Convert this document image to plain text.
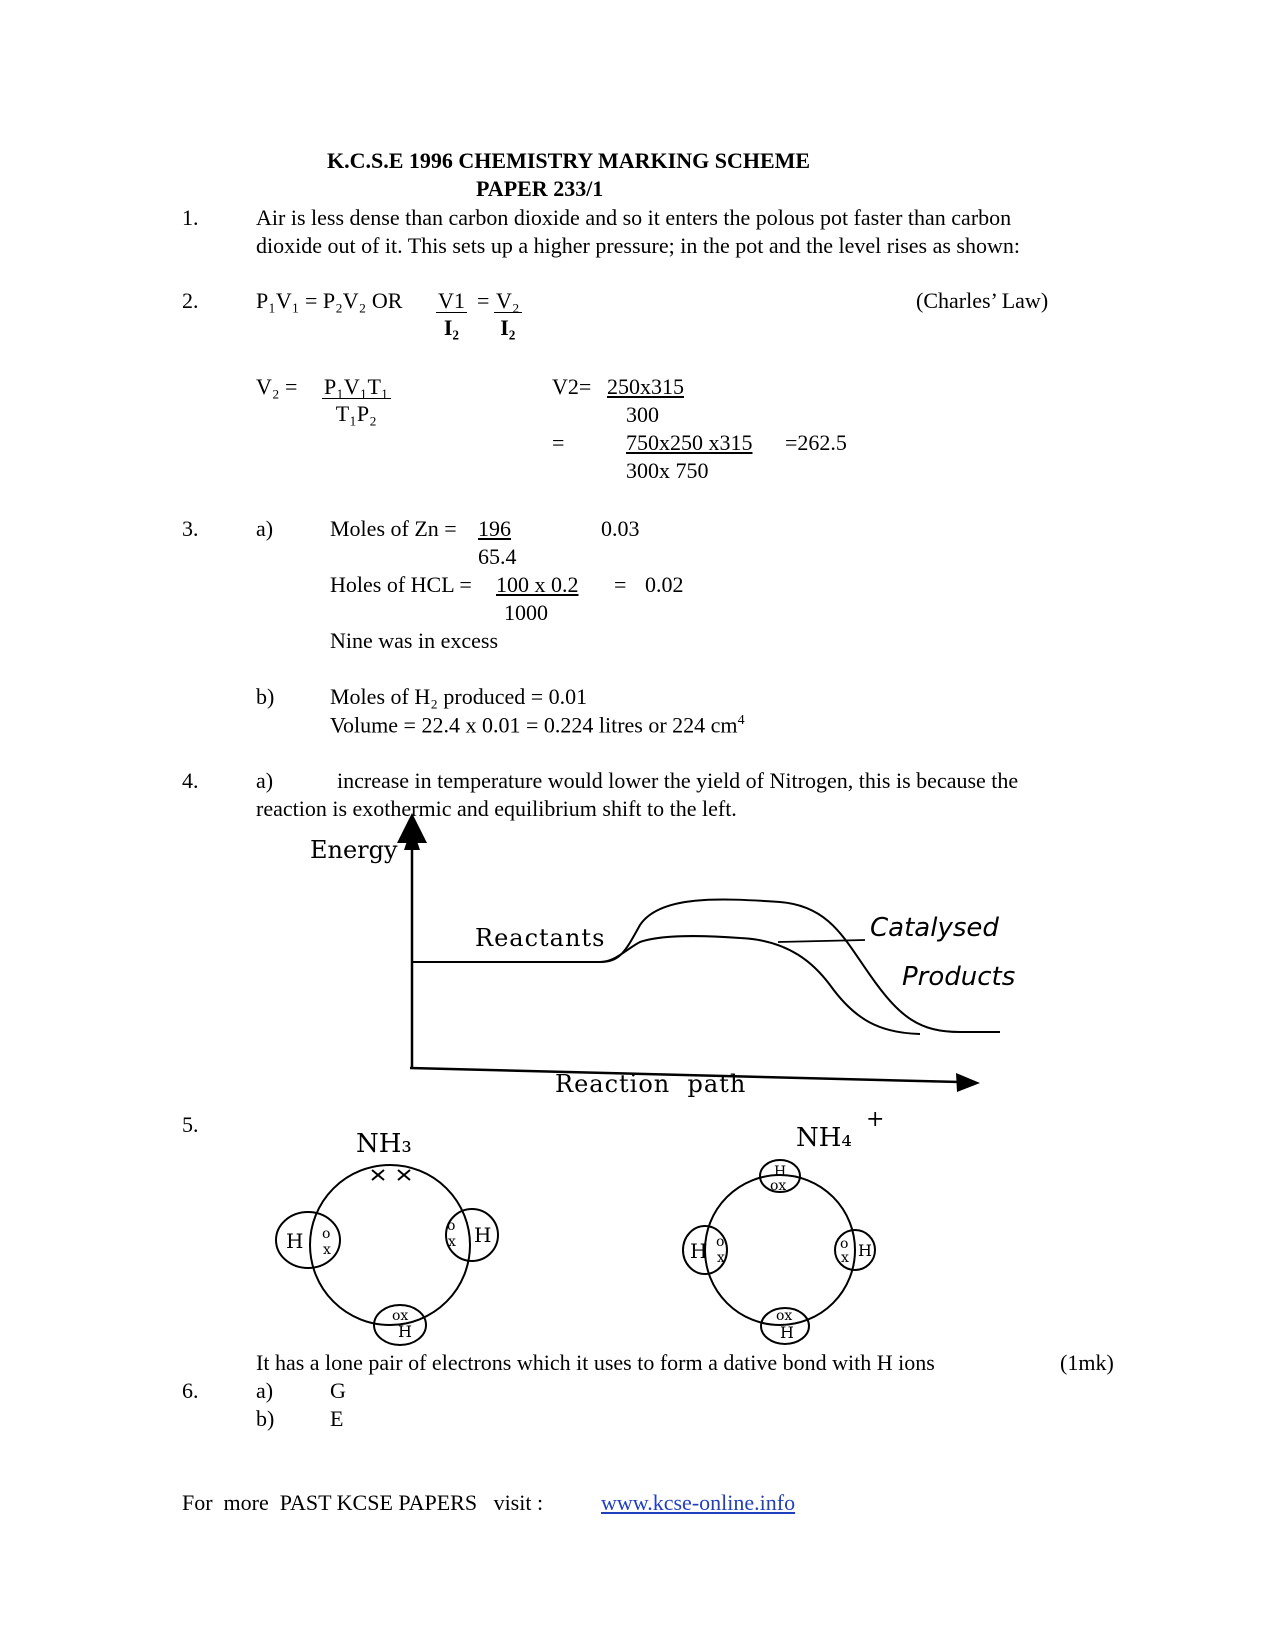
K.C.S.E 1996 CHEMISTRY MARKING SCHEME
PAPER 233/1
1.	Air is less dense than carbon dioxide and so it enters the polous pot faster than carbon
dioxide out of it. This sets up a higher pressure; in the pot and the level rises as shown:
2.	P₁V₁ = P₂V₂ OR $\frac{V1}{\text{I₂}} = \frac{\text{V₂}}{\text{I₂}}$	(Charles’ Law)
$V_2 = \frac{\text{P₁V₁T₁}}{\text{T₁P₂}}$	V2= 250x315
300
=	750x250 x315 =262.5
300x 750
3.	a)	Moles of Zn = 196
65.4
0.03
Holes of HCL = 100 x 0.2 = 0.02
1000
Nine was in excess
b)	Moles of H₂ produced = 0.01
Volume = 22.4 x 0.01 = 0.224 litres or 224 $cm^4$
4.	a)	increase in temperature would lower the yield of Nitrogen, this is because the
reaction is exothermic and equilibrium shift to the left.
Energy
Reactants
Reaction  path
Catalysed
Products
5.
NH₃
H	H
H
NH₄
+
H
H	H
H
o
x
o
x
ox
ox
o
x
o
x
ox
It has a lone pair of electrons which it uses to form a dative bond with H ions	(1mk)
6.	a)	G
b)	E
For  more  PAST KCSE PAPERS   visit :	www.kcse-online.info
